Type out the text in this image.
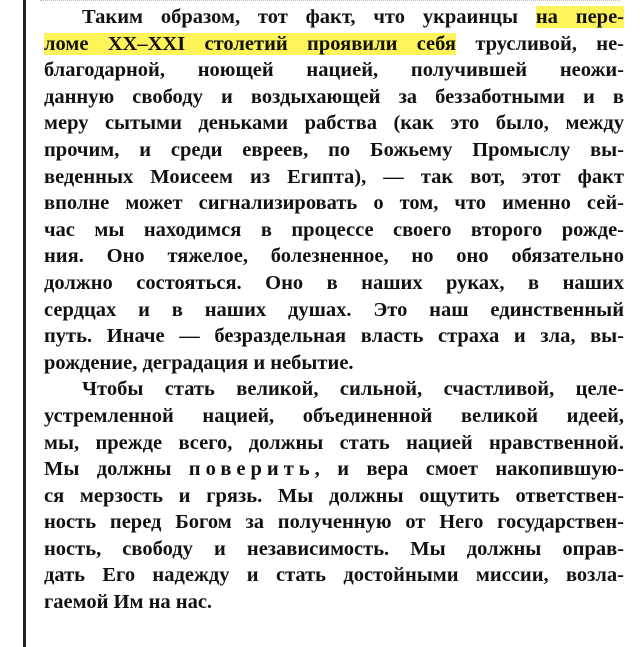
Таким образом, тот факт, что украинцы на пере-
ломе XX–XXI столетий проявили себя трусливой, не-
благодарной, ноющей нацией, получившей неожи-
данную свободу и воздыхающей за беззаботными и в
меру сытыми деньками рабства (как это было, между
прочим, и среди евреев, по Божьему Промыслу вы-
веденных Моисеем из Египта), — так вот, этот факт
вполне может сигнализировать о том, что именно сей-
час мы находимся в процессе своего второго рожде-
ния. Оно тяжелое, болезненное, но оно обязательно
должно состояться. Оно в наших руках, в наших
сердцах и в наших душах. Это наш единственный
путь. Иначе — безраздельная власть страха и зла, вы-
рождение, деградация и небытие.
Чтобы стать великой, сильной, счастливой, целе-
устремленной нацией, объединенной великой идеей,
мы, прежде всего, должны стать нацией нравственной.
Мы должны поверить, и вера смоет накопившую-
ся мерзость и грязь. Мы должны ощутить ответствен-
ность перед Богом за полученную от Него государствен-
ность, свободу и независимость. Мы должны оправ-
дать Его надежду и стать достойными миссии, возла-
гаемой Им на нас.
